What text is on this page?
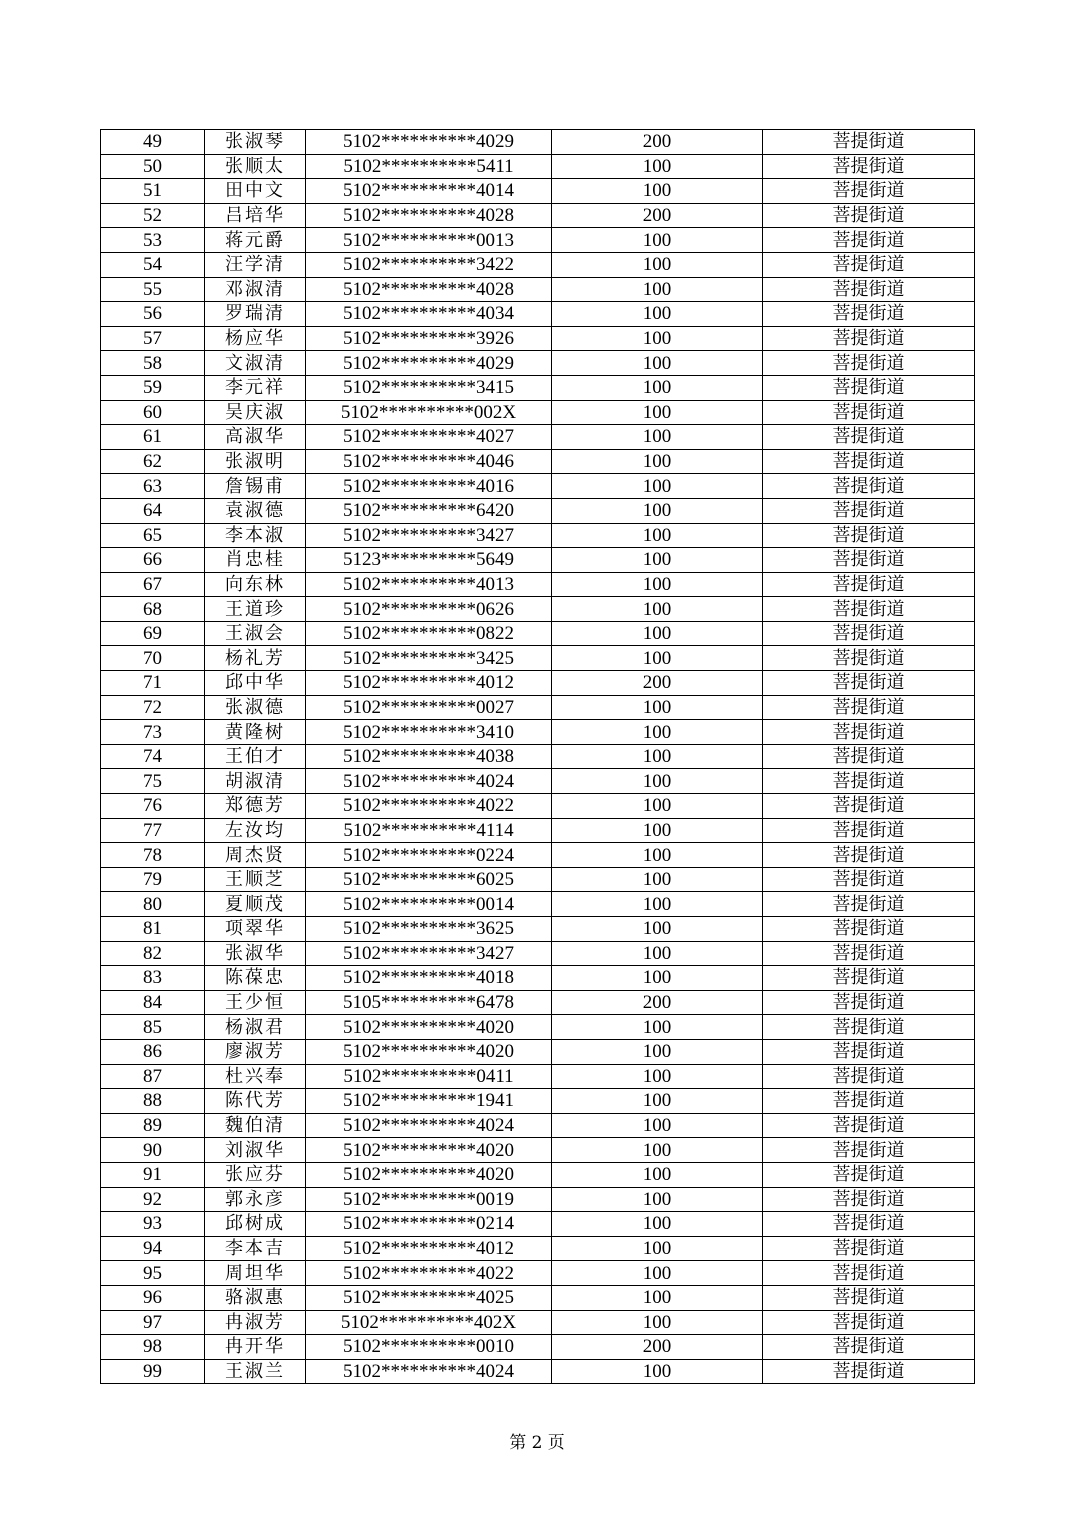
49	张淑琴	5102**********4029	200	菩提街道
50	张顺太	5102**********5411	100	菩提街道
51	田中文	5102**********4014	100	菩提街道
52	吕培华	5102**********4028	200	菩提街道
53	蒋元爵	5102**********0013	100	菩提街道
54	汪学清	5102**********3422	100	菩提街道
55	邓淑清	5102**********4028	100	菩提街道
56	罗瑞清	5102**********4034	100	菩提街道
57	杨应华	5102**********3926	100	菩提街道
58	文淑清	5102**********4029	100	菩提街道
59	李元祥	5102**********3415	100	菩提街道
60	吴庆淑	5102**********002X	100	菩提街道
61	高淑华	5102**********4027	100	菩提街道
62	张淑明	5102**********4046	100	菩提街道
63	詹锡甫	5102**********4016	100	菩提街道
64	袁淑德	5102**********6420	100	菩提街道
65	李本淑	5102**********3427	100	菩提街道
66	肖忠桂	5123**********5649	100	菩提街道
67	向东林	5102**********4013	100	菩提街道
68	王道珍	5102**********0626	100	菩提街道
69	王淑会	5102**********0822	100	菩提街道
70	杨礼芳	5102**********3425	100	菩提街道
71	邱中华	5102**********4012	200	菩提街道
72	张淑德	5102**********0027	100	菩提街道
73	黄隆树	5102**********3410	100	菩提街道
74	王伯才	5102**********4038	100	菩提街道
75	胡淑清	5102**********4024	100	菩提街道
76	郑德芳	5102**********4022	100	菩提街道
77	左汝均	5102**********4114	100	菩提街道
78	周杰贤	5102**********0224	100	菩提街道
79	王顺芝	5102**********6025	100	菩提街道
80	夏顺茂	5102**********0014	100	菩提街道
81	项翠华	5102**********3625	100	菩提街道
82	张淑华	5102**********3427	100	菩提街道
83	陈葆忠	5102**********4018	100	菩提街道
84	王少恒	5105**********6478	200	菩提街道
85	杨淑君	5102**********4020	100	菩提街道
86	廖淑芳	5102**********4020	100	菩提街道
87	杜兴奉	5102**********0411	100	菩提街道
88	陈代芳	5102**********1941	100	菩提街道
89	魏伯清	5102**********4024	100	菩提街道
90	刘淑华	5102**********4020	100	菩提街道
91	张应芬	5102**********4020	100	菩提街道
92	郭永彦	5102**********0019	100	菩提街道
93	邱树成	5102**********0214	100	菩提街道
94	李本吉	5102**********4012	100	菩提街道
95	周坦华	5102**********4022	100	菩提街道
96	骆淑惠	5102**********4025	100	菩提街道
97	冉淑芳	5102**********402X	100	菩提街道
98	冉开华	5102**********0010	200	菩提街道
99	王淑兰	5102**********4024	100	菩提街道
第 2 页
